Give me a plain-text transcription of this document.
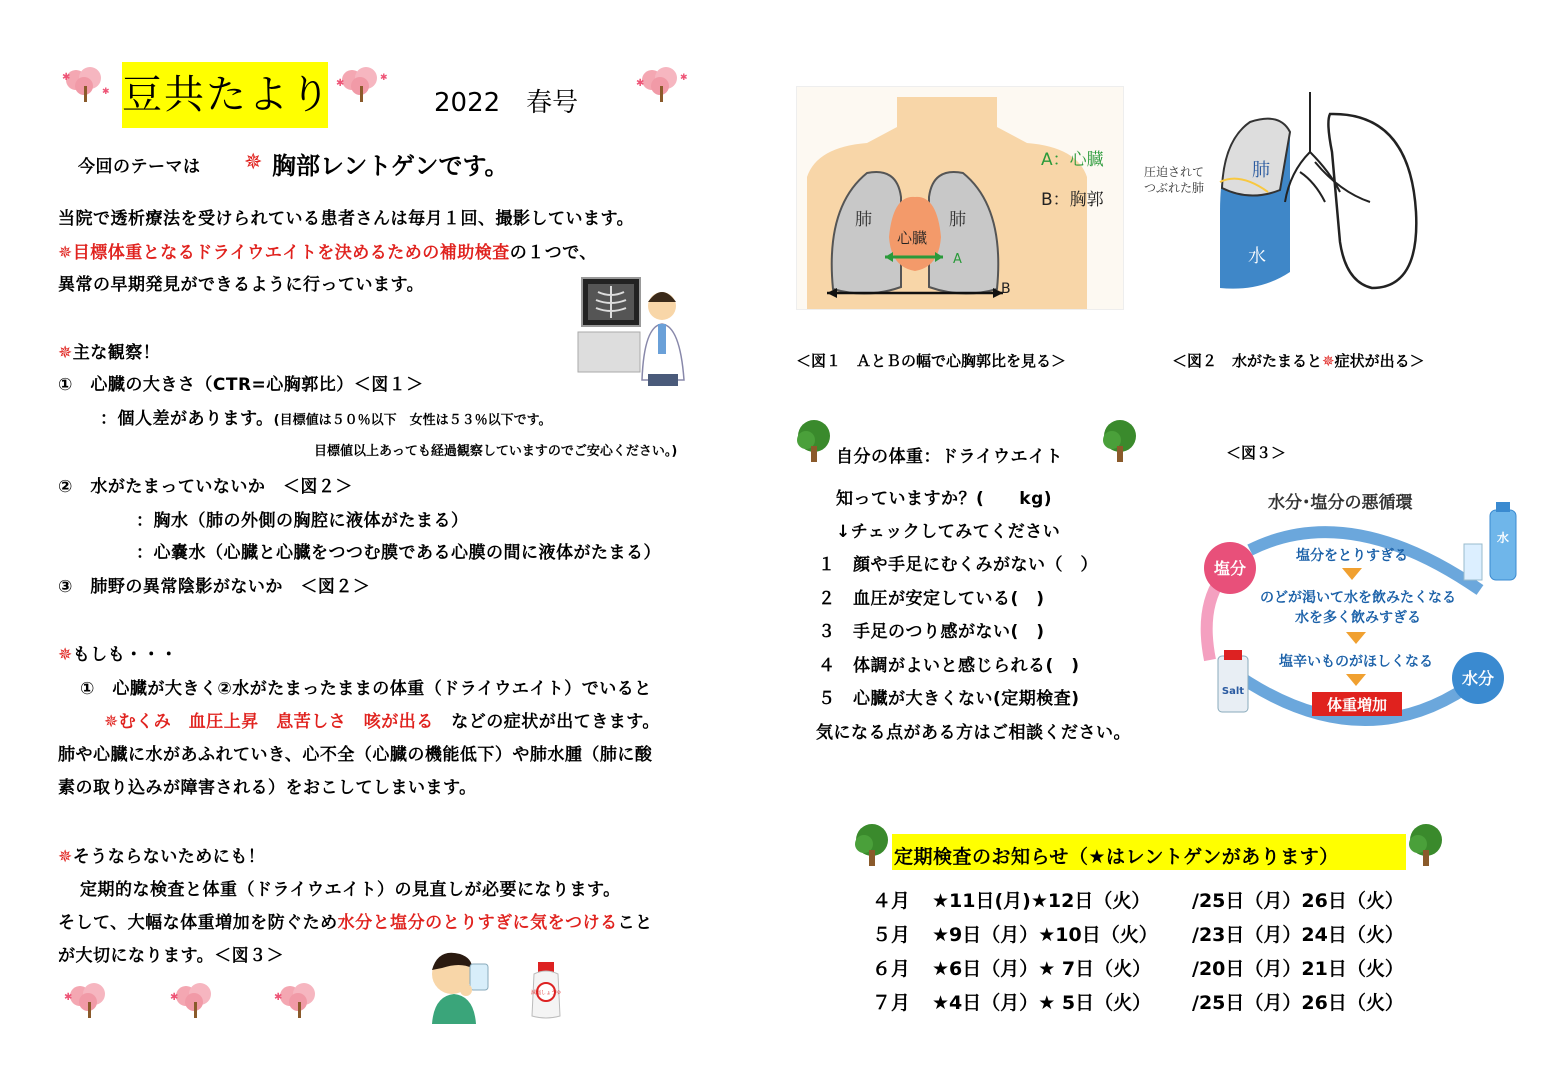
✱
✱
✱	✱	✱	✱
豆共たより	2022　春号
今回のテーマは ✵ 胸部レントゲンです。
当院で透析療法を受けられている患者さんは毎月１回、撮影しています。
✵目標体重となるドライウエイトを決めるための補助検査の１つで、
異常の早期発見ができるように行っています。
✵主な観察！
①　心臓の大きさ（CTR=心胸郭比）＜図１＞
：個人差があります。(目標値は５０％以下　女性は５３％以下です。
目標値以上あっても経過観察していますのでご安心ください。)
②　水がたまっていないか　＜図２＞
：胸水（肺の外側の胸腔に液体がたまる）
：心嚢水（心臓と心臓をつつむ膜である心膜の間に液体がたまる）
③　肺野の異常陰影がないか　＜図２＞
✵もしも・・・
①　心臓が大きく②水がたまったままの体重（ドライウエイト）でいると
✵むくみ　血圧上昇　息苦しさ　咳が出る　 などの症状が出てきます。
肺や心臓に水があふれていき、心不全（心臓の機能低下）や肺水腫（肺に酸
素の取り込みが障害される）をおこしてしまいます。
✵そうならないためにも！
定期的な検査と体重（ドライウエイト）の見直しが必要になります。
そして、大幅な体重増加を防ぐため水分と塩分のとりすぎに気をつけること
が大切になります。＜図３＞
✱	✱	✱	減塩しょうゆ
肺	肺
心臓
A
B
A：心臓
B：胸郭
＜図１　ＡとＢの幅で心胸郭比を見る＞
圧迫されて
つぶれた肺
肺
水
＜図２　水がたまると✵症状が出る＞
自分の体重：ドライウエイト	＜図３＞
知っていますか？(　　kg)
↓チェックしてみてください
１　 顔や手足にむくみがない（　）
２　 血圧が安定している(　)
３　 手足のつり感がない(　)
４　 体調がよいと感じられる(　)
５　 心臓が大きくない(定期検査)
気になる点がある方はご相談ください。
水分･塩分の悪循環
塩分
水分
塩分をとりすぎる
のどが渇いて水を飲みたくなる
水を多く飲みすぎる
塩辛いものがほしくなる
体重増加
Salt
水
定期検査のお知らせ（★はレントゲンがあります）
４月 ★11日(月)★12日（火） /25日（月）26日（火）
５月 ★9日（月）★10日（火） /23日（月）24日（火）
６月 ★6日（月）★ 7日（火） /20日（月）21日（火）
７月 ★4日（月）★ 5日（火） /25日（月）26日（火）
